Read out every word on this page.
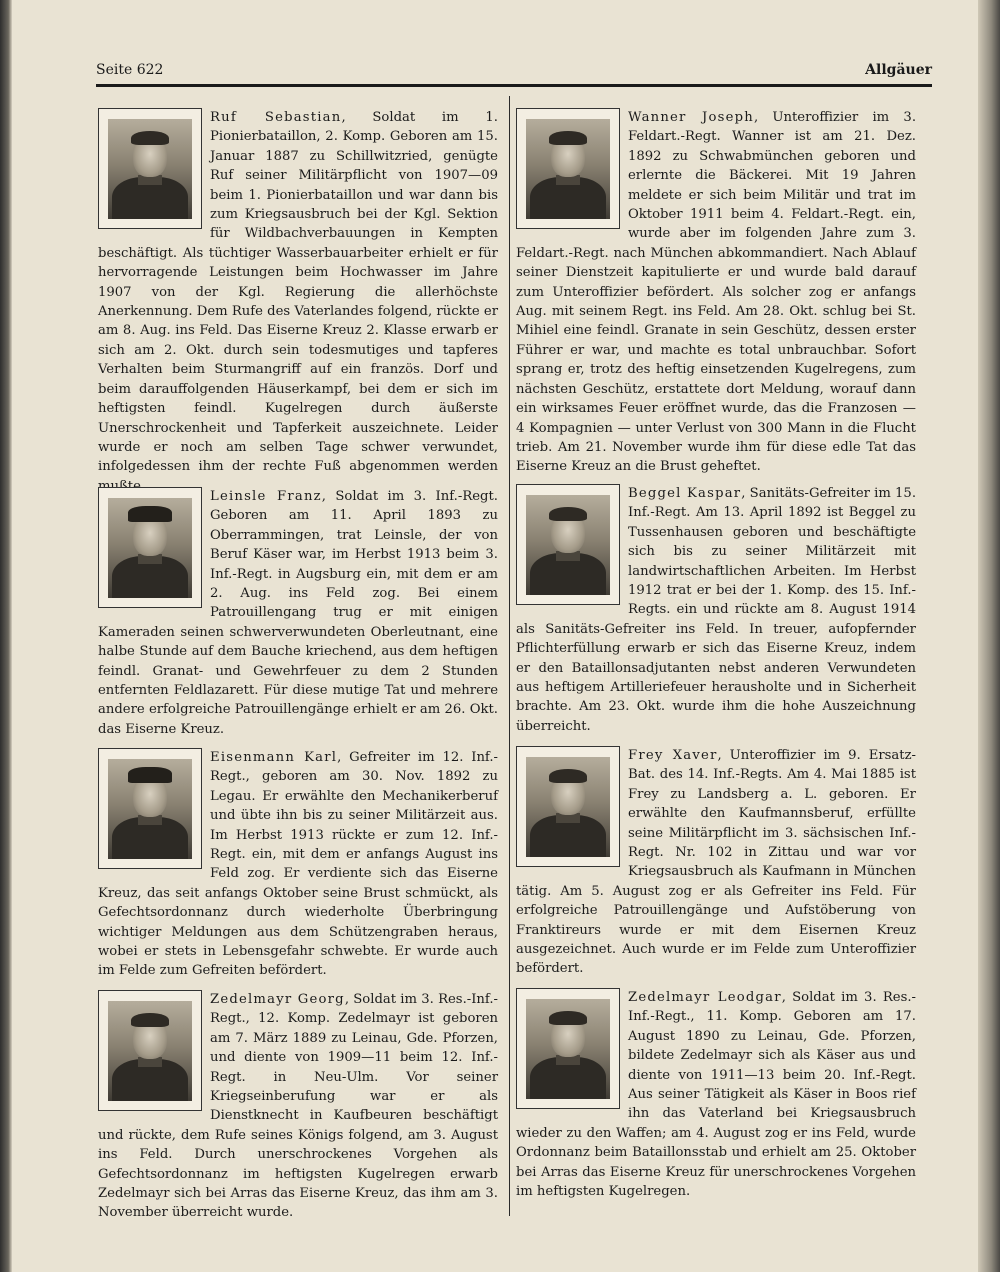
Seite 622	Allgäuer

Ruf Sebastian, Soldat im 1. Pionierbataillon, 2. Komp. Geboren am 15. Januar 1887 zu Schillwitzried, genügte Ruf seiner Militärpflicht von 1907—09 beim 1. Pionierbataillon und war dann bis zum Kriegsausbruch bei der Kgl. Sektion für Wildbachverbauungen in Kempten beschäftigt. Als tüchtiger Wasserbauarbeiter erhielt er für hervorragende Leistungen beim Hochwasser im Jahre 1907 von der Kgl. Regierung die allerhöchste Anerkennung. Dem Rufe des Vaterlandes folgend, rückte er am 8. Aug. ins Feld. Das Eiserne Kreuz 2. Klasse erwarb er sich am 2. Okt. durch sein todesmutiges und tapferes Verhalten beim Sturmangriff auf ein französ. Dorf und beim darauffolgenden Häuserkampf, bei dem er sich im heftigsten feindl. Kugelregen durch äußerste Unerschrockenheit und Tapferkeit auszeichnete. Leider wurde er noch am selben Tage schwer verwundet, infolgedessen ihm der rechte Fuß abgenommen werden

Leinsle Franz, Soldat im 3. Inf.-Regt. Geboren am 11. April 1893 zu Oberrammingen, trat Leinsle, der von Beruf Käser war, im Herbst 1913 beim 3. Inf.-Regt. in Augsburg ein, mit dem er am 2. Aug. ins Feld zog. Bei einem Patrouillengang trug er mit einigen Kameraden seinen schwerverwundeten Oberleutnant, eine halbe Stunde auf dem Bauche kriechend, aus dem heftigen feindl. Granat- und Gewehrfeuer zu dem 2 Stunden entfernten Feldlazarett. Für diese mutige Tat und mehrere andere erfolgreiche Patrouillengänge erhielt er am 26. Okt. das Eiserne Kreuz.

Eisenmann Karl, Gefreiter im 12. Inf.-Regt., geboren am 30. Nov. 1892 zu Legau. Er erwählte den Mechanikerberuf und übte ihn bis zu seiner Militärzeit aus. Im Herbst 1913 rückte er zum 12. Inf.-Regt. ein, mit dem er anfangs August ins Feld zog. Er verdiente sich das Eiserne Kreuz, das seit anfangs Oktober seine Brust schmückt, als Gefechtsordonnanz durch wiederholte Überbringung wichtiger Meldungen aus dem Schützengraben heraus, wobei er stets in Lebensgefahr schwebte. Er wurde auch im Felde zum Gefreiten befördert.

Zedelmayr Georg, Soldat im 3. Res.-Inf.-Regt., 12. Komp. Zedelmayr ist geboren am 7. März 1889 zu Leinau, Gde. Pforzen, und diente von 1909—11 beim 12. Inf.-Regt. in Neu-Ulm. Vor seiner Kriegseinberufung war er als Dienstknecht in Kaufbeuren beschäftigt und rückte, dem Rufe seines Königs folgend, am 3. August ins Feld. Durch unerschrockenes Vorgehen als Gefechtsordonnanz im heftigsten Kugelregen erwarb Zedelmayr sich bei Arras das Eiserne Kreuz, das ihm am 3. November überreicht wurde.

Wanner Joseph, Unteroffizier im 3. Feldart.-Regt. Wanner ist am 21. Dez. 1892 zu Schwabmünchen geboren und erlernte die Bäckerei. Mit 19 Jahren meldete er sich beim Militär und trat im Oktober 1911 beim 4. Feldart.-Regt. ein, wurde aber im folgenden Jahre zum 3. Feldart.-Regt. nach München abkommandiert. Nach Ablauf seiner Dienstzeit kapitulierte er und wurde bald darauf zum Unteroffizier befördert. Als solcher zog er anfangs Aug. mit seinem Regt. ins Feld. Am 28. Okt. schlug bei St. Mihiel eine feindl. Granate in sein Geschütz, dessen erster Führer er war, und machte es total unbrauchbar. Sofort sprang er, trotz des heftig einsetzenden Kugelregens, zum nächsten Geschütz, erstattete dort Meldung, worauf dann ein wirksames Feuer eröffnet wurde, das die Franzosen — 4 Kompagnien — unter Verlust von 300 Mann in die Flucht trieb. Am 21. November wurde ihm für diese edle Tat das Eiserne Kreuz an die Brust geheftet.

Beggel Kaspar, Sanitäts-Gefreiter im 15. Inf.-Regt. Am 13. April 1892 ist Beggel zu Tussenhausen geboren und beschäftigte sich bis zu seiner Militärzeit mit landwirtschaftlichen Arbeiten. Im Herbst 1912 trat er bei der 1. Komp. des 15. Inf.-Regts. ein und rückte am 8. August 1914 als Sanitäts-Gefreiter ins Feld. In treuer, aufopfernder Pflichterfüllung erwarb er sich das Eiserne Kreuz, indem er den Bataillonsadjutanten nebst anderen Verwundeten aus heftigem Artilleriefeuer herausholte und in Sicherheit brachte. Am 23. Okt. wurde ihm die hohe Auszeichnung überreicht.

Frey Xaver, Unteroffizier im 9. Ersatz-Bat. des 14. Inf.-Regts. Am 4. Mai 1885 ist Frey zu Landsberg a. L. geboren. Er erwählte den Kaufmannsberuf, erfüllte seine Militärpflicht im 3. sächsischen Inf.-Regt. Nr. 102 in Zittau und war vor Kriegsausbruch als Kaufmann in München tätig. Am 5. August zog er als Gefreiter ins Feld. Für erfolgreiche Patrouillengänge und Aufstöberung von Franktireurs wurde er mit dem Eisernen Kreuz ausgezeichnet. Auch wurde er im Felde zum Unteroffizier befördert.

Zedelmayr Leodgar, Soldat im 3. Res.-Inf.-Regt., 11. Komp. Geboren am 17. August 1890 zu Leinau, Gde. Pforzen, bildete Zedelmayr sich als Käser aus und diente von 1911—13 beim 20. Inf.-Regt. Aus seiner Tätigkeit als Käser in Boos rief ihn das Vaterland bei Kriegsausbruch wieder zu den Waffen; am 4. August zog er ins Feld, wurde Ordonnanz beim Bataillonsstab und erhielt am 25. Oktober bei Arras das Eiserne Kreuz für unerschrockenes Vorgehen im heftigsten Kugelregen.
